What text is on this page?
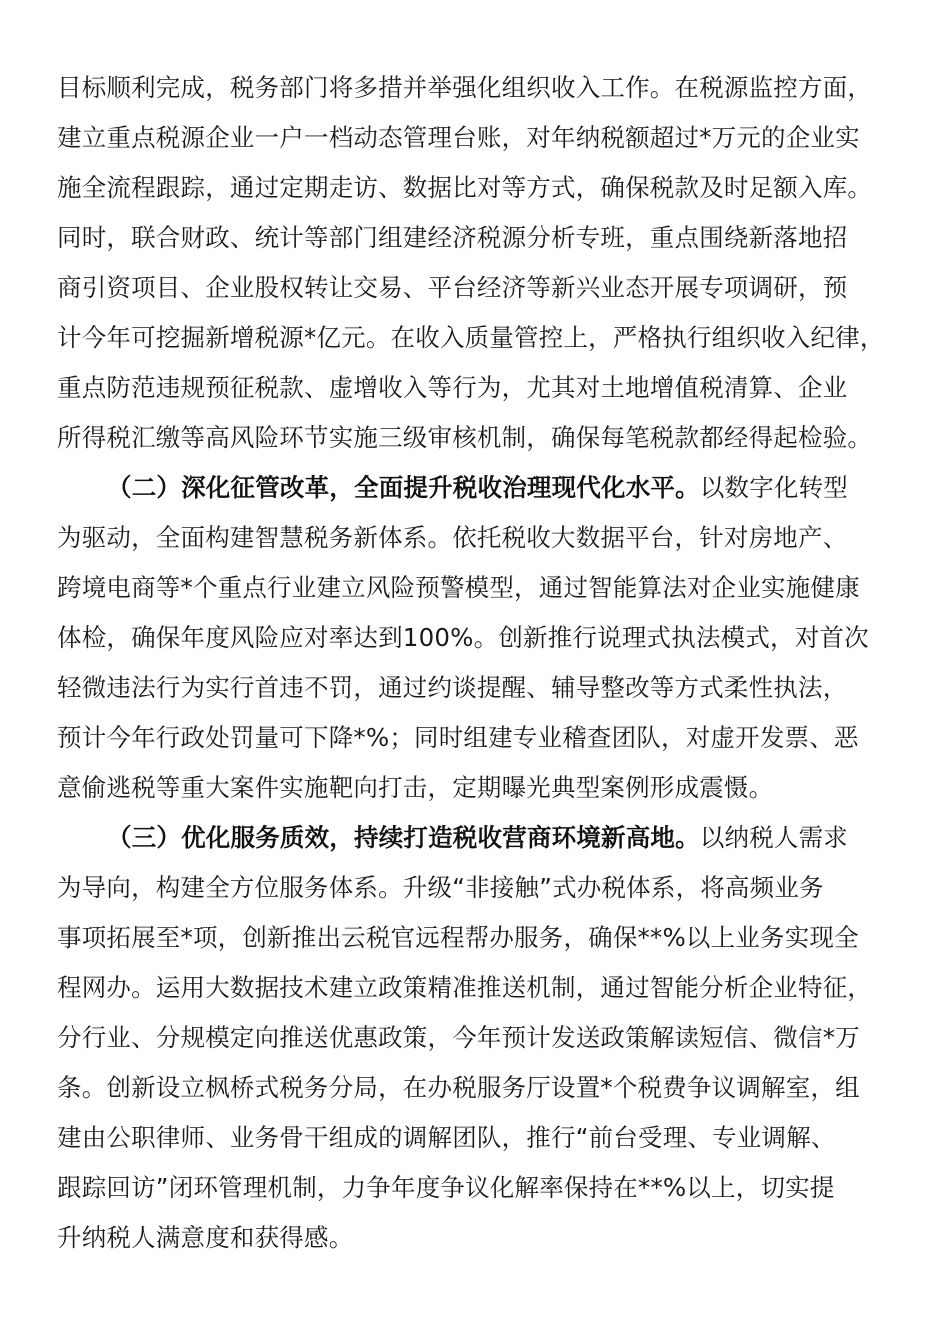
目标顺利完成，税务部门将多措并举强化组织收入工作。在税源监控方面，
建立重点税源企业一户一档动态管理台账，对年纳税额超过*万元的企业实
施全流程跟踪，通过定期走访、数据比对等方式，确保税款及时足额入库。
同时，联合财政、统计等部门组建经济税源分析专班，重点围绕新落地招
商引资项目、企业股权转让交易、平台经济等新兴业态开展专项调研，预
计今年可挖掘新增税源*亿元。在收入质量管控上，严格执行组织收入纪律，
重点防范违规预征税款、虚增收入等行为，尤其对土地增值税清算、企业
所得税汇缴等高风险环节实施三级审核机制，确保每笔税款都经得起检验。
（二）深化征管改革，全面提升税收治理现代化水平。以数字化转型
为驱动，全面构建智慧税务新体系。依托税收大数据平台，针对房地产、
跨境电商等*个重点行业建立风险预警模型，通过智能算法对企业实施健康
体检，确保年度风险应对率达到100%。创新推行说理式执法模式，对首次
轻微违法行为实行首违不罚，通过约谈提醒、辅导整改等方式柔性执法，
预计今年行政处罚量可下降*%；同时组建专业稽查团队，对虚开发票、恶
意偷逃税等重大案件实施靶向打击，定期曝光典型案例形成震慑。
（三）优化服务质效，持续打造税收营商环境新高地。以纳税人需求
为导向，构建全方位服务体系。升级“非接触”式办税体系，将高频业务
事项拓展至*项，创新推出云税官远程帮办服务，确保**%以上业务实现全
程网办。运用大数据技术建立政策精准推送机制，通过智能分析企业特征，
分行业、分规模定向推送优惠政策，今年预计发送政策解读短信、微信*万
条。创新设立枫桥式税务分局，在办税服务厅设置*个税费争议调解室，组
建由公职律师、业务骨干组成的调解团队，推行“前台受理、专业调解、
跟踪回访”闭环管理机制，力争年度争议化解率保持在**%以上，切实提
升纳税人满意度和获得感。
